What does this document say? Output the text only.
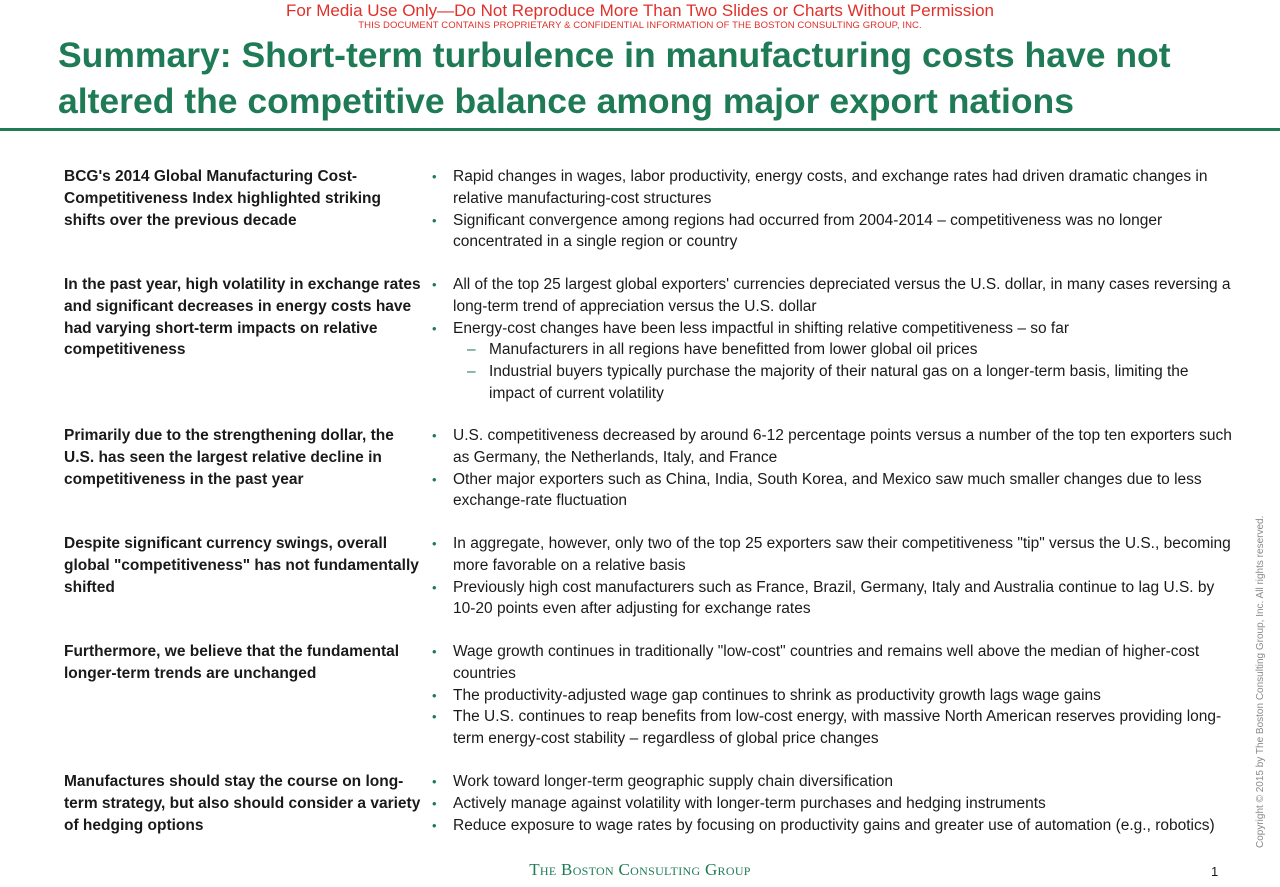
For Media Use Only—Do Not Reproduce More Than Two Slides or Charts Without Permission
THIS DOCUMENT CONTAINS PROPRIETARY & CONFIDENTIAL INFORMATION OF THE BOSTON CONSULTING GROUP, INC.
Summary: Short-term turbulence in manufacturing costs have not altered the competitive balance among major export nations
BCG's 2014 Global Manufacturing Cost-Competitiveness Index highlighted striking shifts over the previous decade
• Rapid changes in wages, labor productivity, energy costs, and exchange rates had driven dramatic changes in relative manufacturing-cost structures
• Significant convergence among regions had occurred from 2004-2014 – competitiveness was no longer concentrated in a single region or country
In the past year, high volatility in exchange rates and significant decreases in energy costs have had varying short-term impacts on relative competitiveness
• All of the top 25 largest global exporters' currencies depreciated versus the U.S. dollar, in many cases reversing a long-term trend of appreciation versus the U.S. dollar
• Energy-cost changes have been less impactful in shifting relative competitiveness – so far
– Manufacturers in all regions have benefitted from lower global oil prices
– Industrial buyers typically purchase the majority of their natural gas on a longer-term basis, limiting the impact of current volatility
Primarily due to the strengthening dollar, the U.S. has seen the largest relative decline in competitiveness in the past year
• U.S. competitiveness decreased by around 6-12 percentage points versus a number of the top ten exporters such as Germany, the Netherlands, Italy, and France
• Other major exporters such as China, India, South Korea, and Mexico saw much smaller changes due to less exchange-rate fluctuation
Despite significant currency swings, overall global "competitiveness" has not fundamentally shifted
• In aggregate, however, only two of the top 25 exporters saw their competitiveness "tip" versus the U.S., becoming more favorable on a relative basis
• Previously high cost manufacturers such as France, Brazil, Germany, Italy and Australia continue to lag U.S. by 10-20 points even after adjusting for exchange rates
Furthermore, we believe that the fundamental longer-term trends are unchanged
• Wage growth continues in traditionally "low-cost" countries and remains well above the median of higher-cost countries
• The productivity-adjusted wage gap continues to shrink as productivity growth lags wage gains
• The U.S. continues to reap benefits from low-cost energy, with massive North American reserves providing long-term energy-cost stability – regardless of global price changes
Manufactures should stay the course on long-term strategy, but also should consider a variety of hedging options
• Work toward longer-term geographic supply chain diversification
• Actively manage against volatility with longer-term purchases and hedging instruments
• Reduce exposure to wage rates by focusing on productivity gains and greater use of automation (e.g., robotics)	Copyright © 2015 by The Boston Consulting Group, Inc. All rights reserved.
The Boston Consulting Group	1
